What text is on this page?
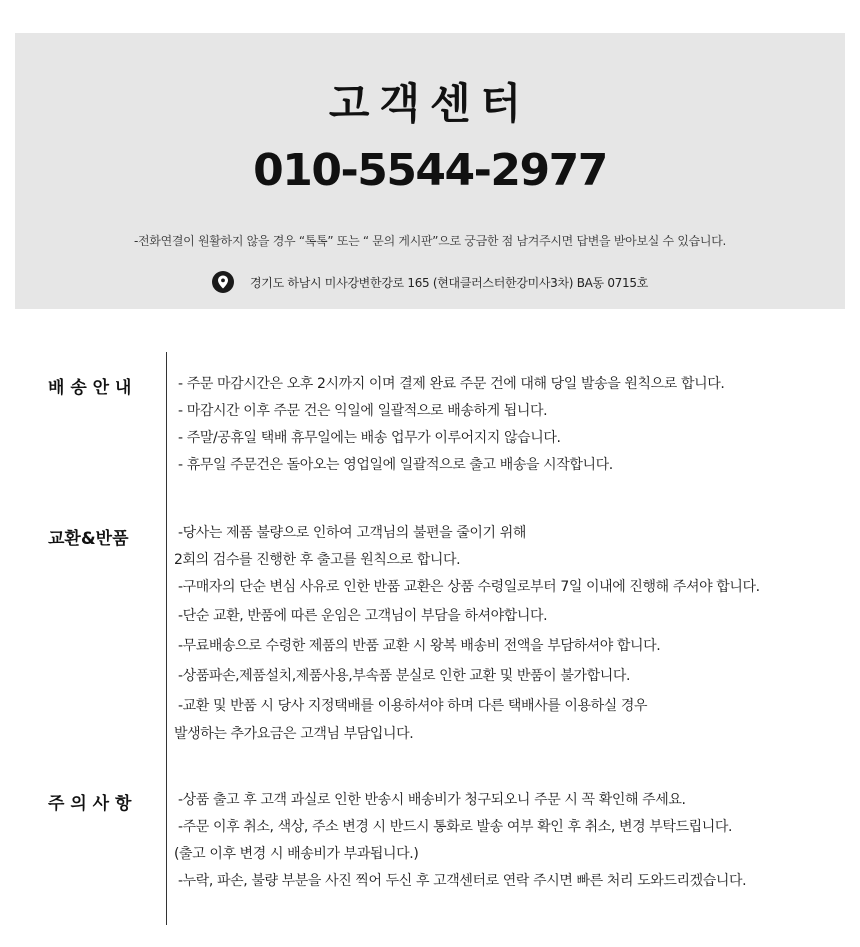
고객센터
010-5544-2977
-전화연결이 원활하지 않을 경우 “톡톡” 또는 “ 문의 게시판”으로 궁금한 점 남겨주시면 답변을 받아보실 수 있습니다.
경기도 하남시 미사강변한강로 165 (현대클러스터한강미사3차) BA동 0715호
배 송 안 내	- 주문 마감시간은 오후 2시까지 이며 결제 완료 주문 건에 대해 당일 발송을 원칙으로 합니다.
- 마감시간 이후 주문 건은 익일에 일괄적으로 배송하게 됩니다.
- 주말/공휴일 택배 휴무일에는 배송 업무가 이루어지지 않습니다.
- 휴무일 주문건은 돌아오는 영업일에 일괄적으로 출고 배송을 시작합니다.
교환&반품	-당사는 제품 불량으로 인하여 고객님의 불편을 줄이기 위해
2회의 검수를 진행한 후 출고를 원칙으로 합니다.
-구매자의 단순 변심 사유로 인한 반품 교환은 상품 수령일로부터 7일 이내에 진행해 주셔야 합니다.
-단순 교환, 반품에 따른 운임은 고객님이 부담을 하셔야합니다.
-무료배송으로 수령한 제품의 반품 교환 시 왕복 배송비 전액을 부담하셔야 합니다.
-상품파손,제품설치,제품사용,부속품 분실로 인한 교환 및 반품이 불가합니다.
-교환 및 반품 시 당사 지정택배를 이용하셔야 하며 다른 택배사를 이용하실 경우
발생하는 추가요금은 고객님 부담입니다.
주 의 사 항	-상품 출고 후 고객 과실로 인한 반송시 배송비가 청구되오니 주문 시 꼭 확인해 주세요.
-주문 이후 취소, 색상, 주소 변경 시 반드시 통화로 발송 여부 확인 후 취소, 변경 부탁드립니다.
(출고 이후 변경 시 배송비가 부과됩니다.)
-누락, 파손, 불량 부분을 사진 찍어 두신 후 고객센터로 연락 주시면 빠른 처리 도와드리겠습니다.
